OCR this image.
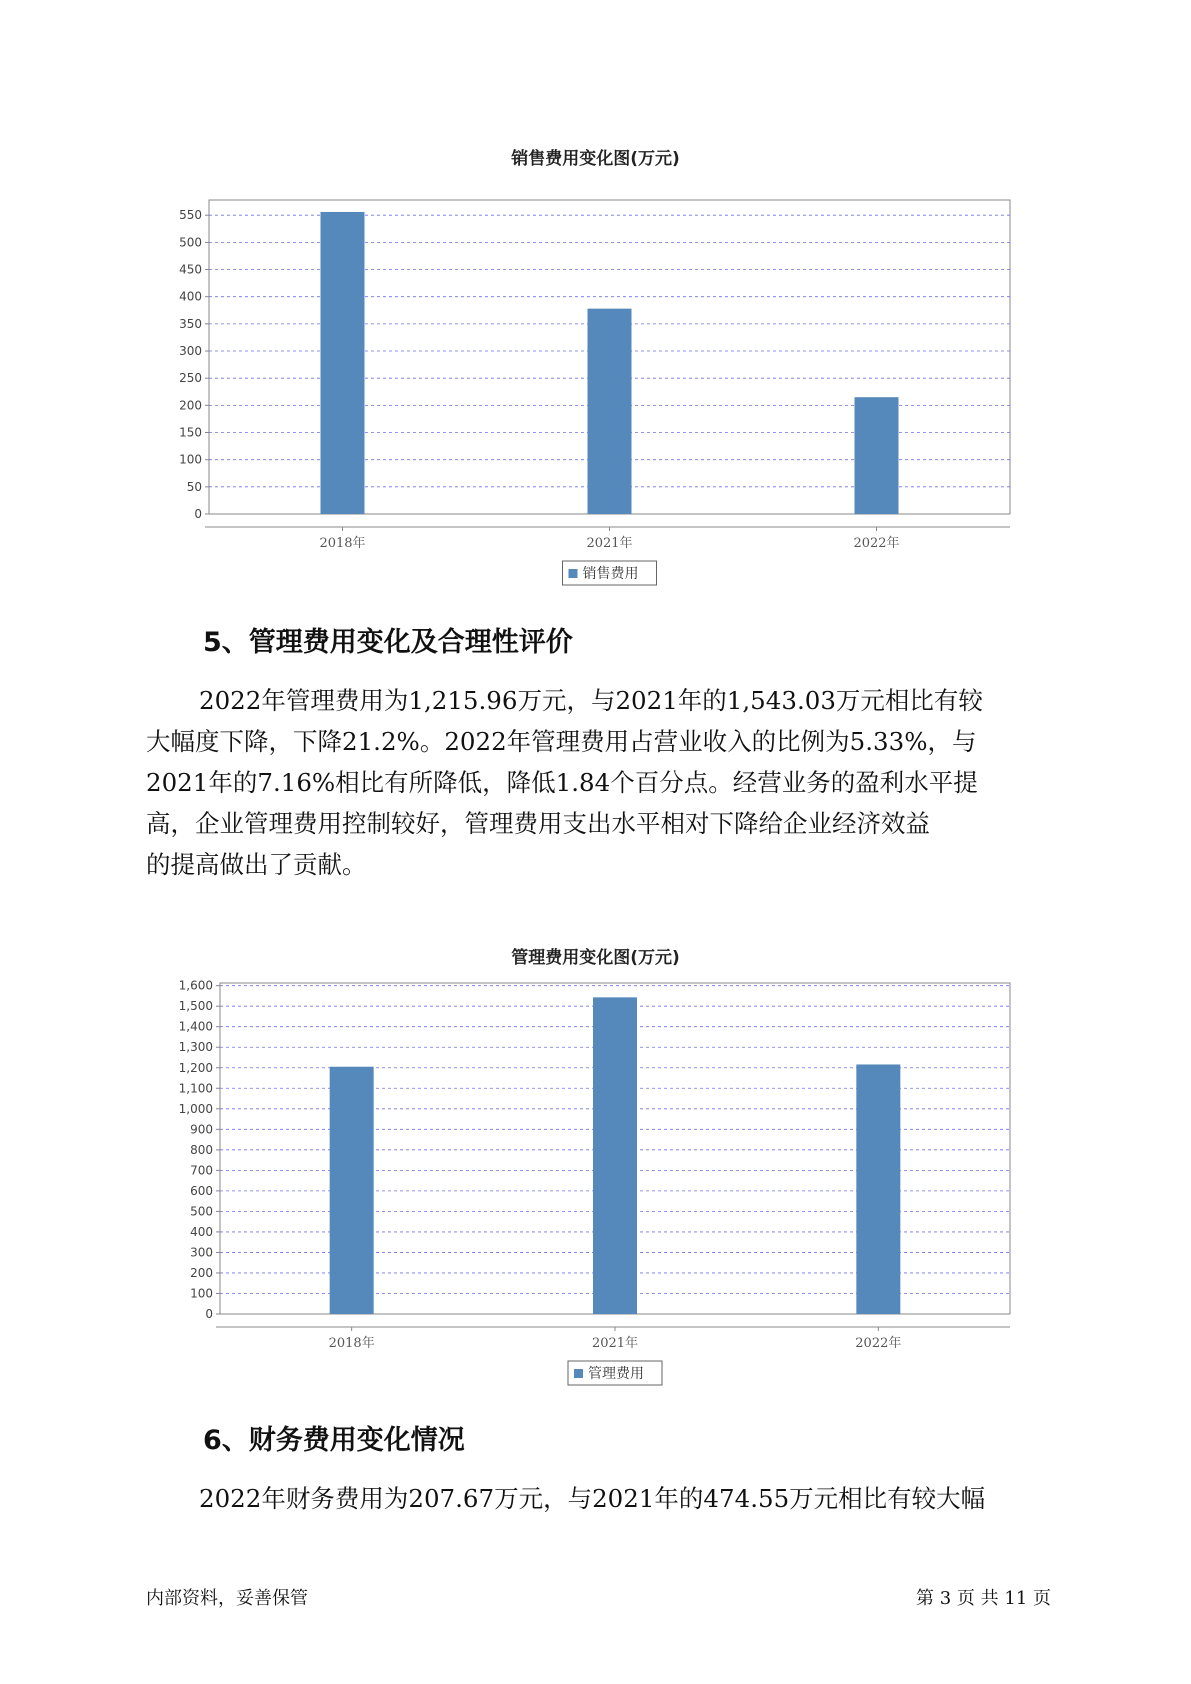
销售费用变化图(万元)
0
50
100
150
200
250
300
350
400
450
500
550
2018年	2021年	2022年
销售费用
5、管理费用变化及合理性评价
2022年管理费用为1,215.96万元，与2021年的1,543.03万元相比有较
大幅度下降，下降21.2%。2022年管理费用占营业收入的比例为5.33%，与
2021年的7.16%相比有所降低，降低1.84个百分点。经营业务的盈利水平提
高，企业管理费用控制较好，管理费用支出水平相对下降给企业经济效益
的提高做出了贡献。
管理费用变化图(万元)
0
100
200
300
400
500
600
700
800
900
1,000
1,100
1,200
1,300
1,400
1,500
1,600
2018年	2021年	2022年
管理费用
6、财务费用变化情况
2022年财务费用为207.67万元，与2021年的474.55万元相比有较大幅
内部资料，妥善保管	第 3 页 共 11 页
